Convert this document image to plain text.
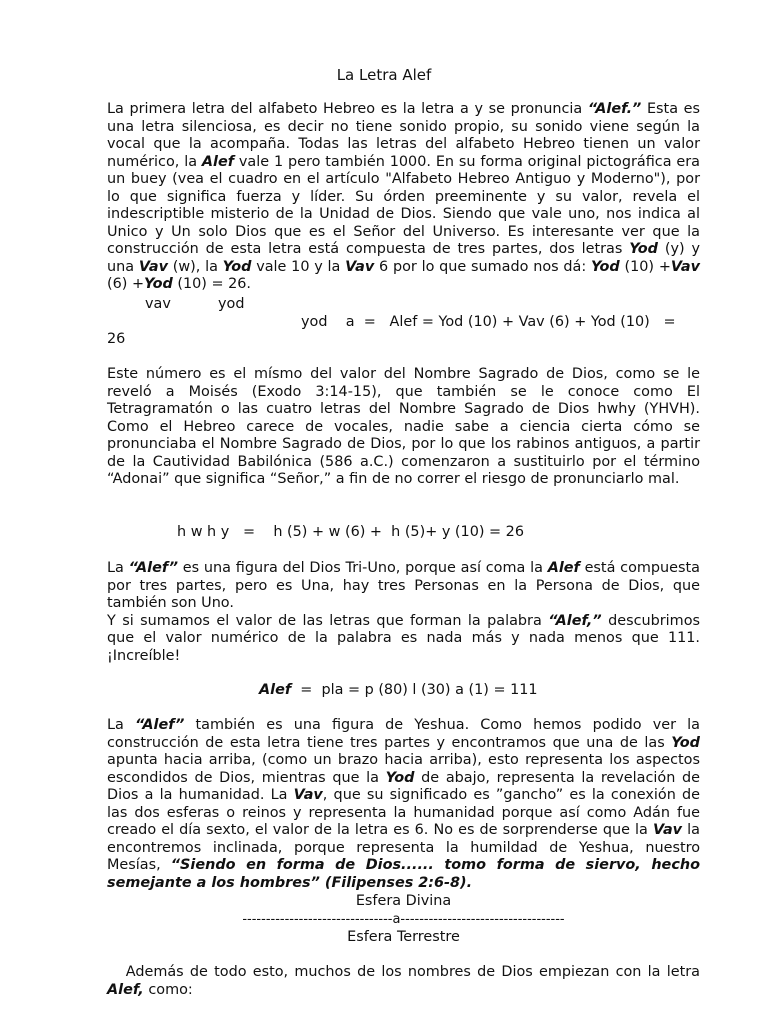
La Letra Alef

La primera letra del alfabeto Hebreo es la letra a y se pronuncia “Alef.” Esta es una letra silenciosa, es decir no tiene sonido propio, su sonido viene según la vocal que la acompaña. Todas las letras del alfabeto Hebreo tienen un valor numérico, la Alef vale 1 pero también 1000. En su forma original pictográfica era un buey (vea el cuadro en el artículo "Alfabeto Hebreo Antiguo y Moderno"), por lo que significa fuerza y líder. Su órden preeminente y su valor, revela el indescriptible misterio de la Unidad de Dios. Siendo que vale uno, nos indica al Unico y Un solo Dios que es el Señor del Universo. Es interesante ver que la construcción de esta letra está compuesta de tres partes, dos letras Yod (y) y una Vav (w), la Yod vale 10 y la Vav 6 por lo que sumado nos dá: Yod (10) +Vav (6) +Yod (10) = 26.

vav	yod
yod    a  =   Alef = Yod (10) + Vav (6) + Yod (10)   =
26

Este número es el mísmo del valor del Nombre Sagrado de Dios, como se le reveló a Moisés (Exodo 3:14-15), que también se le conoce como El Tetragramatón o las cuatro letras del Nombre Sagrado de Dios hwhy (YHVH). Como el Hebreo carece de vocales, nadie sabe a ciencia cierta cómo se pronunciaba el Nombre Sagrado de Dios, por lo que los rabinos antiguos, a partir de la Cautividad Babilónica (586 a.C.) comenzaron a sustituirlo por el término “Adonai” que significa “Señor,” a fin de no correr el riesgo de pronunciarlo mal.

h w h y   =    h (5) + w (6) +  h (5)+ y (10) = 26

La “Alef” es una figura del Dios Tri-Uno, porque así coma la Alef está compuesta por tres partes, pero es Una, hay tres Personas en la Persona de Dios, que también son Uno.

Y si sumamos el valor de las letras que forman la palabra “Alef,” descubrimos que el valor numérico de la palabra es nada más y nada menos que 111. ¡Increíble!

Alef  =  pla = p (80) l (30) a (1) = 111

La “Alef” también es una figura de Yeshua. Como hemos podido ver la construcción de esta letra tiene tres partes y encontramos que una de las Yod apunta hacia arriba, (como un brazo hacia arriba), esto representa los aspectos escondidos de Dios, mientras que la Yod de abajo, representa la revelación de Dios a la humanidad. La Vav, que su significado es ”gancho” es la conexión de las dos esferas o reinos y representa la humanidad porque así como Adán fue creado el día sexto, el valor de la letra es 6. No es de sorprenderse que la Vav la encontremos inclinada, porque representa la humildad de Yeshua, nuestro Mesías, “Siendo en forma de Dios...... tomo forma de siervo, hecho semejante a los hombres” (Filipenses 2:6-8).

Esfera Divina
--------------------------------a-----------------------------------
Esfera Terrestre

Además de todo esto, muchos de los nombres de Dios empiezan con la letra Alef, como:
